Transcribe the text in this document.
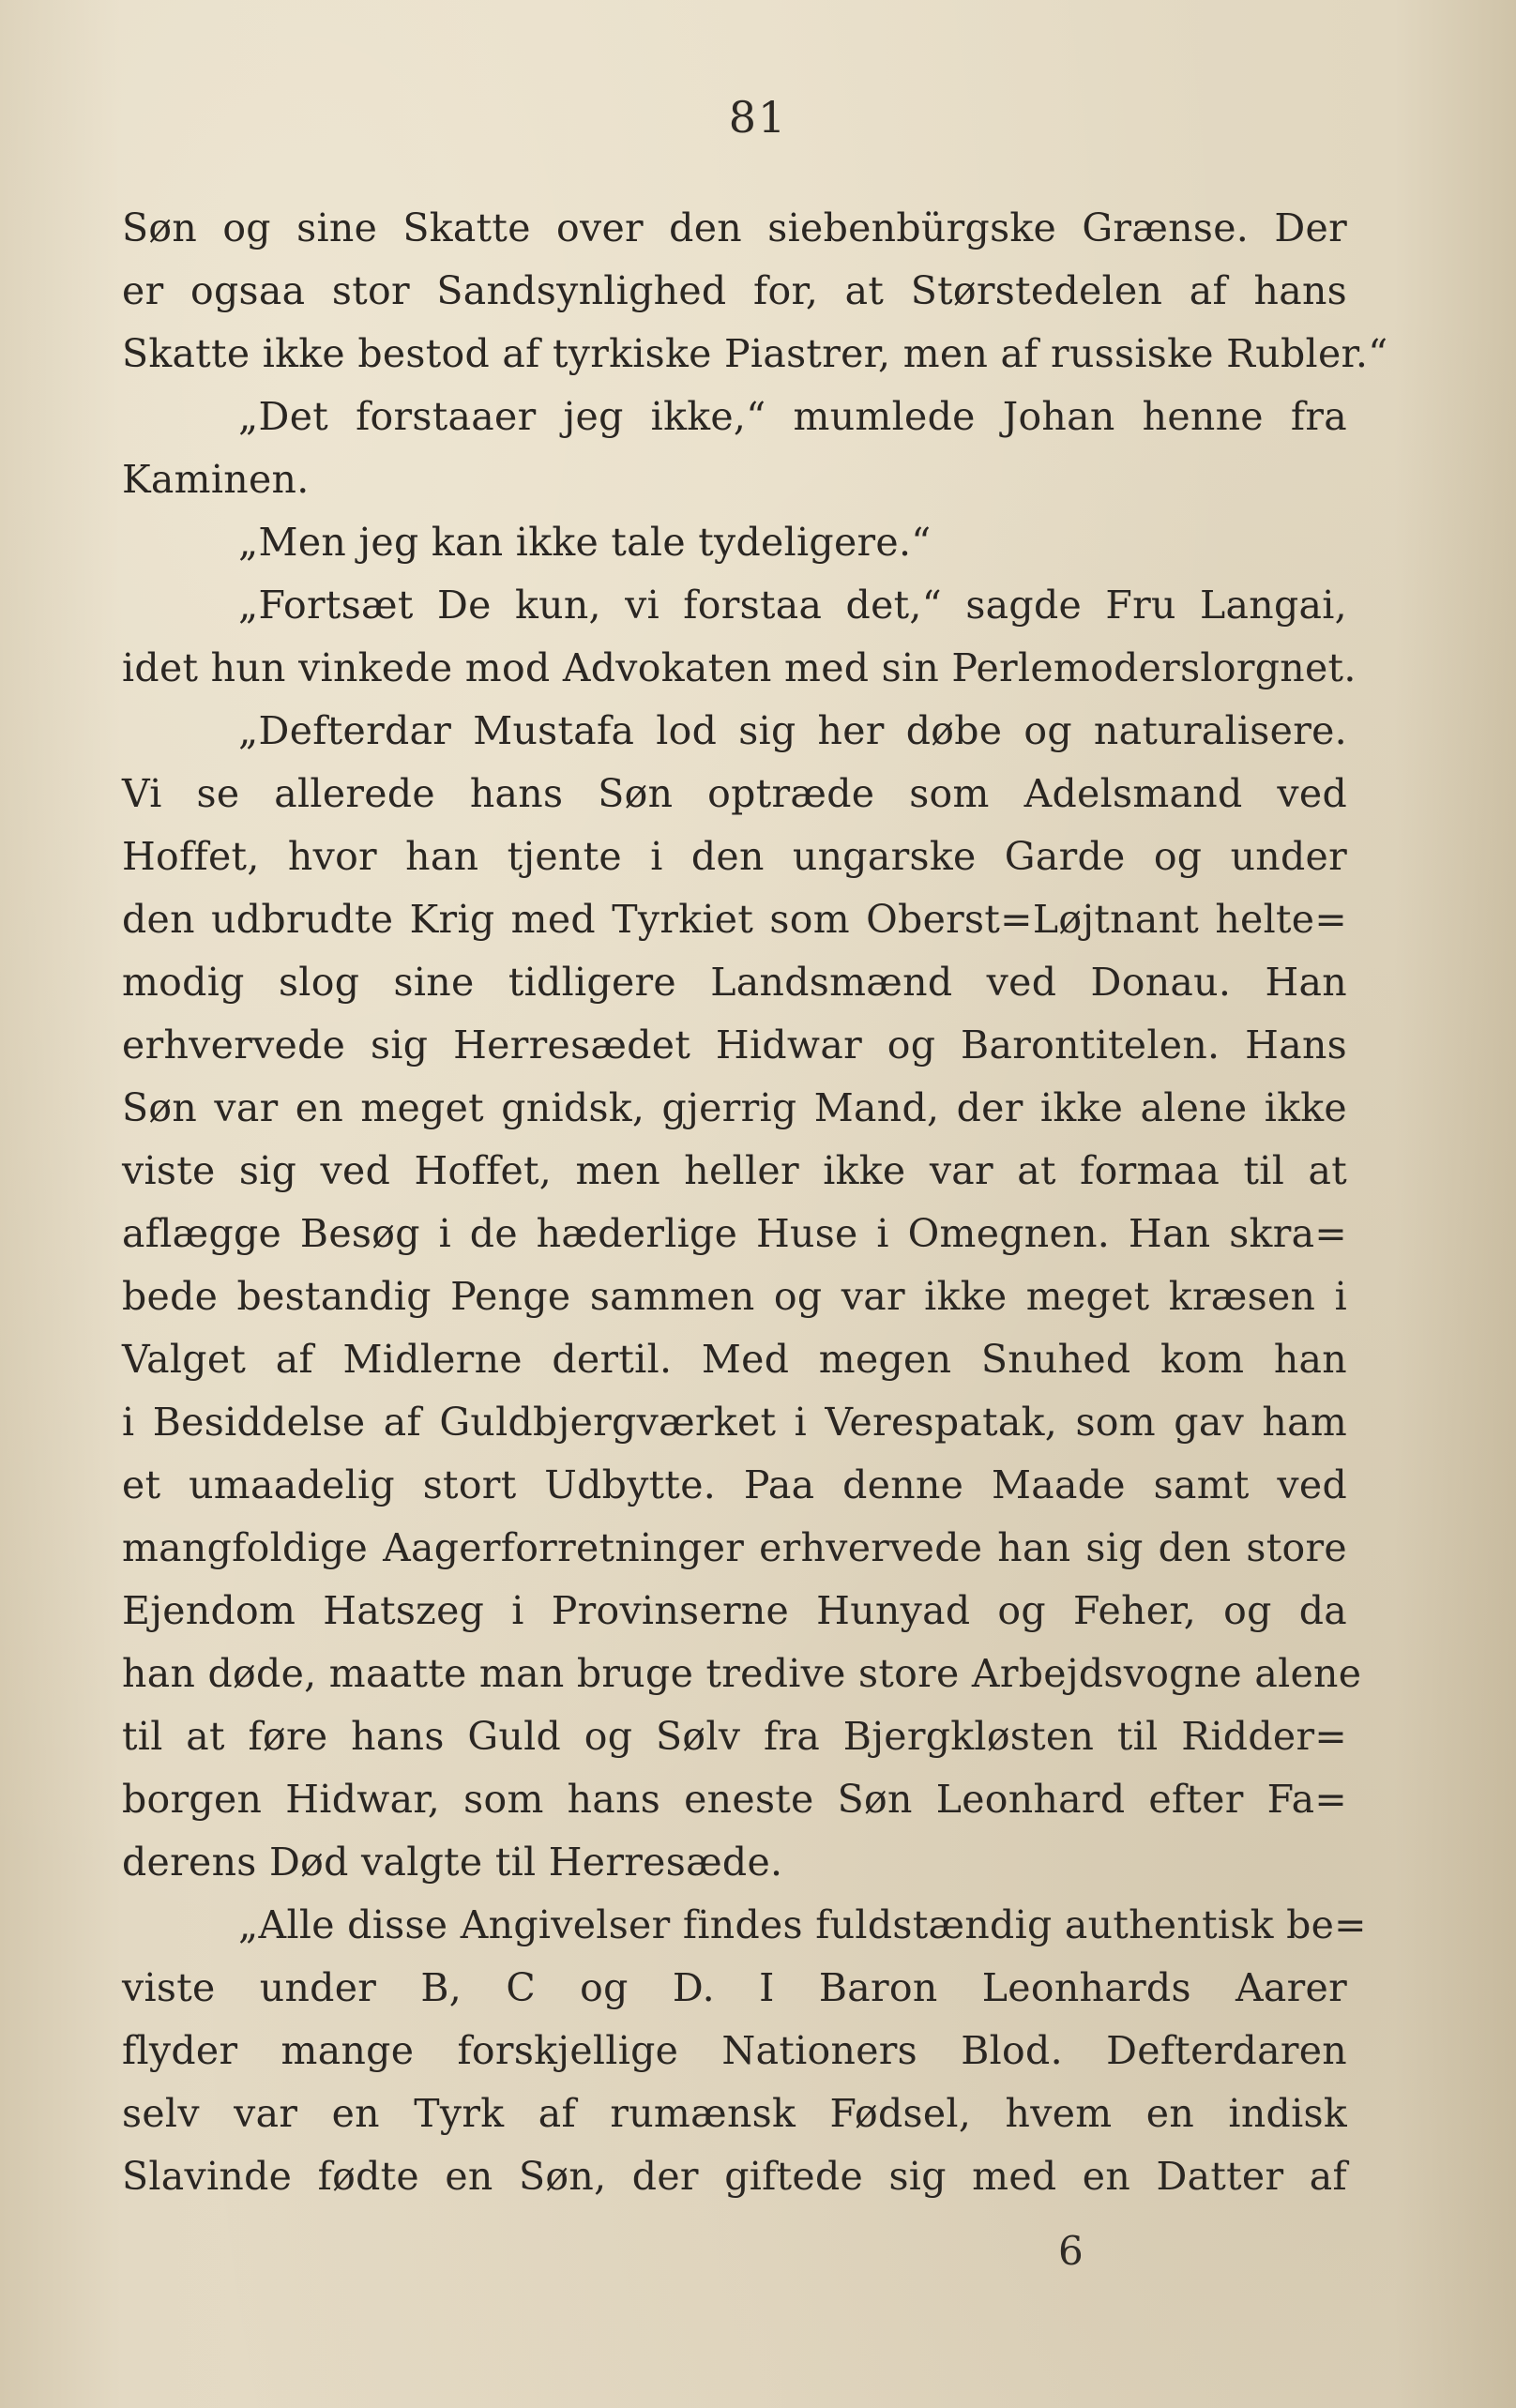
81
Søn og sine Skatte over den siebenbürgske Grænse. Der
er ogsaa stor Sandsynlighed for, at Størstedelen af hans
Skatte ikke bestod af tyrkiske Piastrer, men af russiske Rubler.“
„Det forstaaer jeg ikke,“ mumlede Johan henne fra
Kaminen.
„Men jeg kan ikke tale tydeligere.“
„Fortsæt De kun, vi forstaa det,“ sagde Fru Langai,
idet hun vinkede mod Advokaten med sin Perlemoderslorgnet.
„Defterdar Mustafa lod sig her døbe og naturalisere.
Vi se allerede hans Søn optræde som Adelsmand ved
Hoffet, hvor han tjente i den ungarske Garde og under
den udbrudte Krig med Tyrkiet som Oberst=Løjtnant helte=
modig slog sine tidligere Landsmænd ved Donau. Han
erhvervede sig Herresædet Hidwar og Barontitelen. Hans
Søn var en meget gnidsk, gjerrig Mand, der ikke alene ikke
viste sig ved Hoffet, men heller ikke var at formaa til at
aflægge Besøg i de hæderlige Huse i Omegnen. Han skra=
bede bestandig Penge sammen og var ikke meget kræsen i
Valget af Midlerne dertil. Med megen Snuhed kom han
i Besiddelse af Guldbjergværket i Verespatak, som gav ham
et umaadelig stort Udbytte. Paa denne Maade samt ved
mangfoldige Aagerforretninger erhvervede han sig den store
Ejendom Hatszeg i Provinserne Hunyad og Feher, og da
han døde, maatte man bruge tredive store Arbejdsvogne alene
til at føre hans Guld og Sølv fra Bjergkløsten til Ridder=
borgen Hidwar, som hans eneste Søn Leonhard efter Fa=
derens Død valgte til Herresæde.
„Alle disse Angivelser findes fuldstændig authentisk be=
viste under B, C og D. I Baron Leonhards Aarer
flyder mange forskjellige Nationers Blod. Defterdaren
selv var en Tyrk af rumænsk Fødsel, hvem en indisk
Slavinde fødte en Søn, der giftede sig med en Datter af
6
